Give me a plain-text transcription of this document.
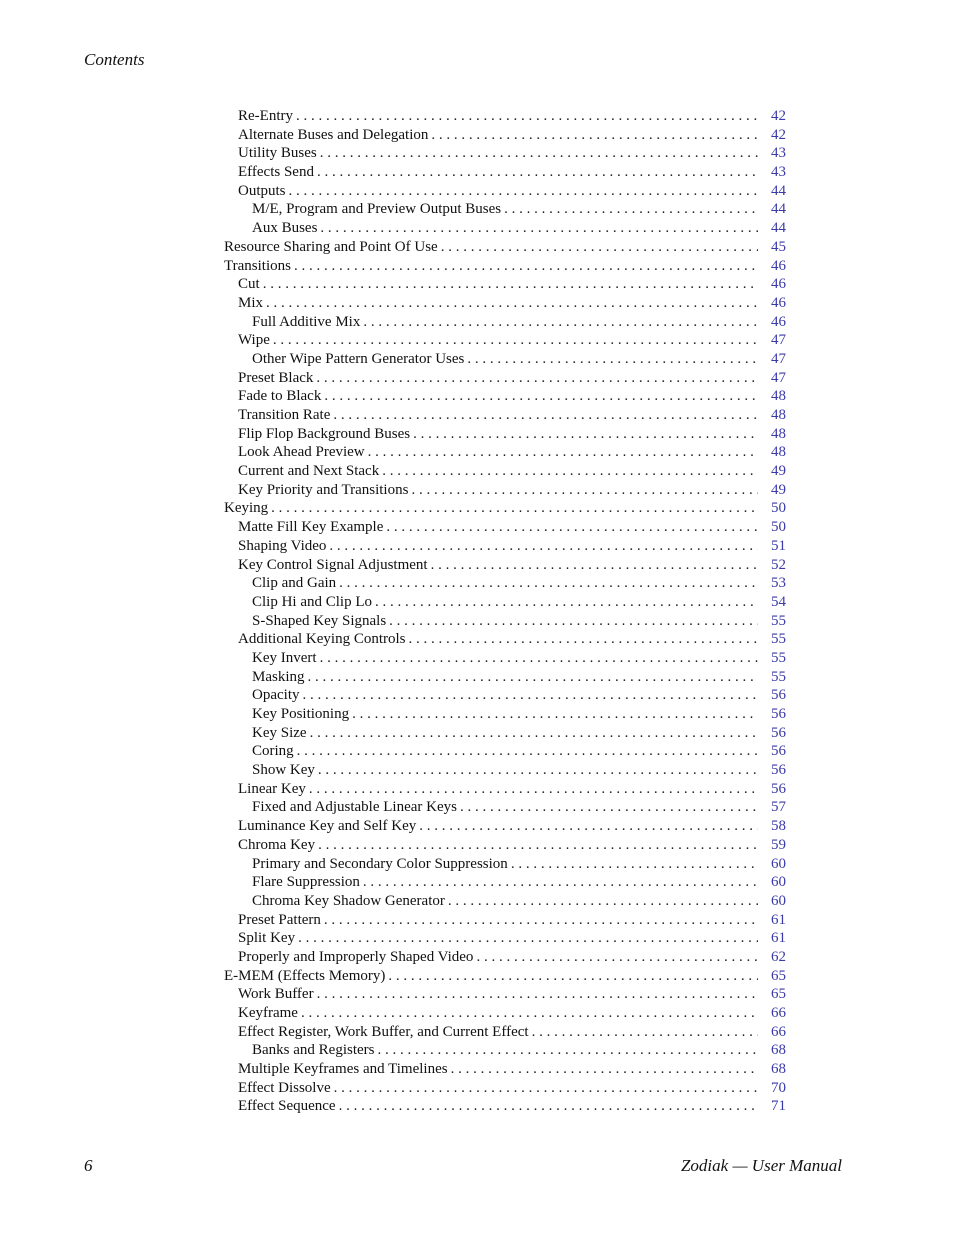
Contents
Re-Entry . . .	42
Alternate Buses and Delegation . . .	42
Utility Buses . . .	43
Effects Send . . .	43
Outputs . . .	44
M/E, Program and Preview Output Buses . . .	44
Aux Buses . . .	44
Resource Sharing and Point Of Use . . .	45
Transitions . . .	46
Cut . . .	46
Mix . . .	46
Full Additive Mix . . .	46
Wipe . . .	47
Other Wipe Pattern Generator Uses . . .	47
Preset Black . . .	47
Fade to Black . . .	48
Transition Rate . . .	48
Flip Flop Background Buses . . .	48
Look Ahead Preview . . .	48
Current and Next Stack . . .	49
Key Priority and Transitions . . .	49
Keying . . .	50
Matte Fill Key Example . . .	50
Shaping Video . . .	51
Key Control Signal Adjustment . . .	52
Clip and Gain . . .	53
Clip Hi and Clip Lo . . .	54
S-Shaped Key Signals . . .	55
Additional Keying Controls . . .	55
Key Invert . . .	55
Masking . . .	55
Opacity . . .	56
Key Positioning . . .	56
Key Size . . .	56
Coring . . .	56
Show Key . . .	56
Linear Key . . .	56
Fixed and Adjustable Linear Keys . . .	57
Luminance Key and Self Key . . .	58
Chroma Key . . .	59
Primary and Secondary Color Suppression . . .	60
Flare Suppression . . .	60
Chroma Key Shadow Generator . . .	60
Preset Pattern . . .	61
Split Key . . .	61
Properly and Improperly Shaped Video . . .	62
E-MEM (Effects Memory) . . .	65
Work Buffer . . .	65
Keyframe . . .	66
Effect Register, Work Buffer, and Current Effect . . .	66
Banks and Registers . . .	68
Multiple Keyframes and Timelines . . .	68
Effect Dissolve . . .	70
Effect Sequence . . .	71
6	Zodiak — User Manual
